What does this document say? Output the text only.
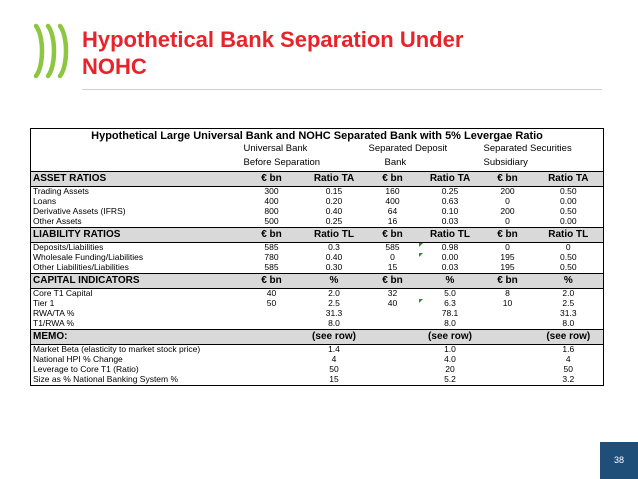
Hypothetical Bank Separation Under
NOHC
Hypothetical Large Universal Bank and NOHC Separated Bank with 5% Levergae Ratio						
	Universal Bank		Separated Deposit		Separated Securities	
	Before Separation		Bank		Subsidiary	
ASSET RATIOS	€ bn	Ratio TA	€ bn	Ratio TA	€ bn	Ratio TA
Trading Assets	300	0.15	160	0.25	200	0.50
Loans	400	0.20	400	0.63	0	0.00
Derivative Assets (IFRS)	800	0.40	64	0.10	200	0.50
Other Assets	500	0.25	16	0.03	0	0.00
LIABILITY RATIOS	€ bn	Ratio TL	€ bn	Ratio TL	€ bn	Ratio TL
Deposits/Liabilities	585	0.3	585	0.98	0	0
Wholesale Funding/Liabilities	780	0.40	0	0.00	195	0.50
Other Liabilities/Liabilities	585	0.30	15	0.03	195	0.50
CAPITAL INDICATORS	€ bn	%	€ bn	%	€ bn	%
Core T1 Capital	40	2.0	32	5.0	8	2.0
Tier 1	50	2.5	40	6.3	10	2.5
RWA/TA %		31.3		78.1		31.3
T1/RWA %		8.0		8.0		8.0
MEMO:		(see row)		(see row)		(see row)
Market Beta (elasticity to market stock price)		1.4		1.0		1.6
National HPI % Change		4		4.0		4
Leverage to Core T1 (Ratio)		50		20		50
Size as % National Banking System %		15		5.2		3.2
38
